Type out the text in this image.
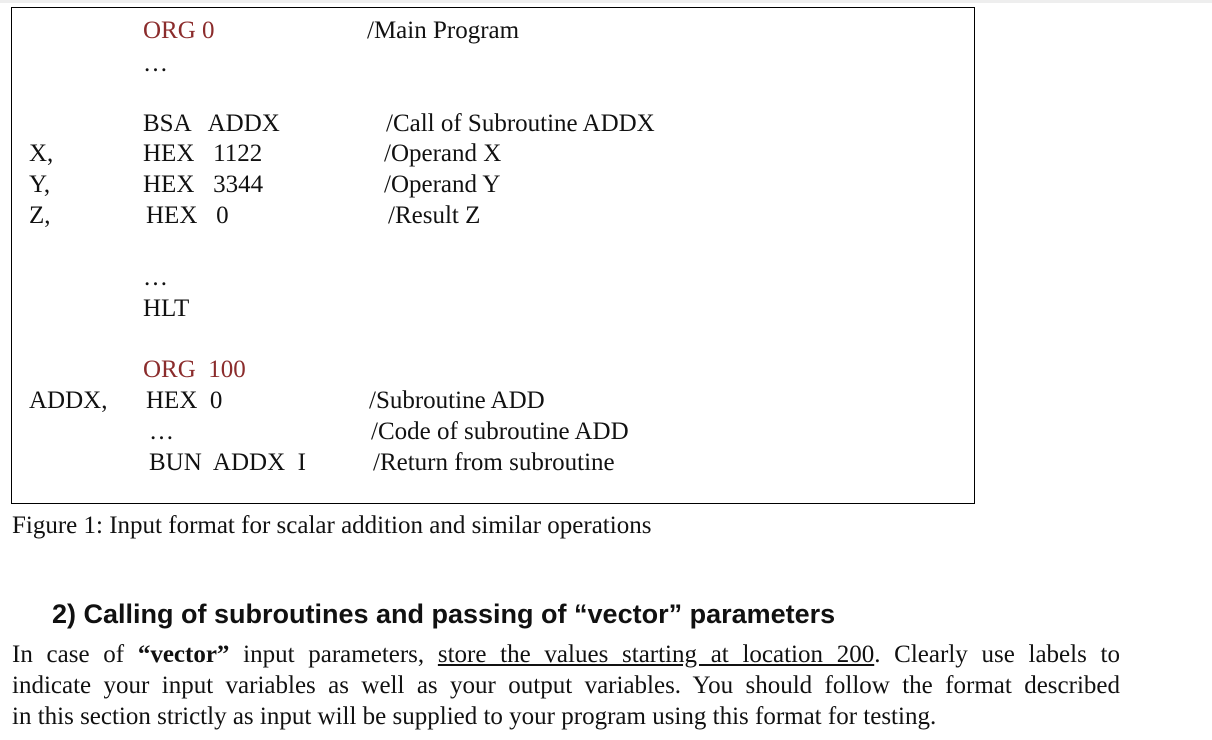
ORG 0	/Main Program
…
BSA   ADDX	/Call of Subroutine ADDX
X,	HEX   1122	/Operand X
Y,	HEX   3344	/Operand Y
Z,	HEX   0	/Result Z
…
HLT
ORG  100
ADDX, HEX  0	/Subroutine ADD
…	/Code of subroutine ADD
BUN  ADDX  I	/Return from subroutine
Figure 1: Input format for scalar addition and similar operations
2) Calling of subroutines and passing of “vector” parameters
In case of “vector” input parameters, store the values starting at location 200. Clearly use labels to
indicate your input variables as well as your output variables. You should follow the format described
in this section strictly as input will be supplied to your program using this format for testing.
